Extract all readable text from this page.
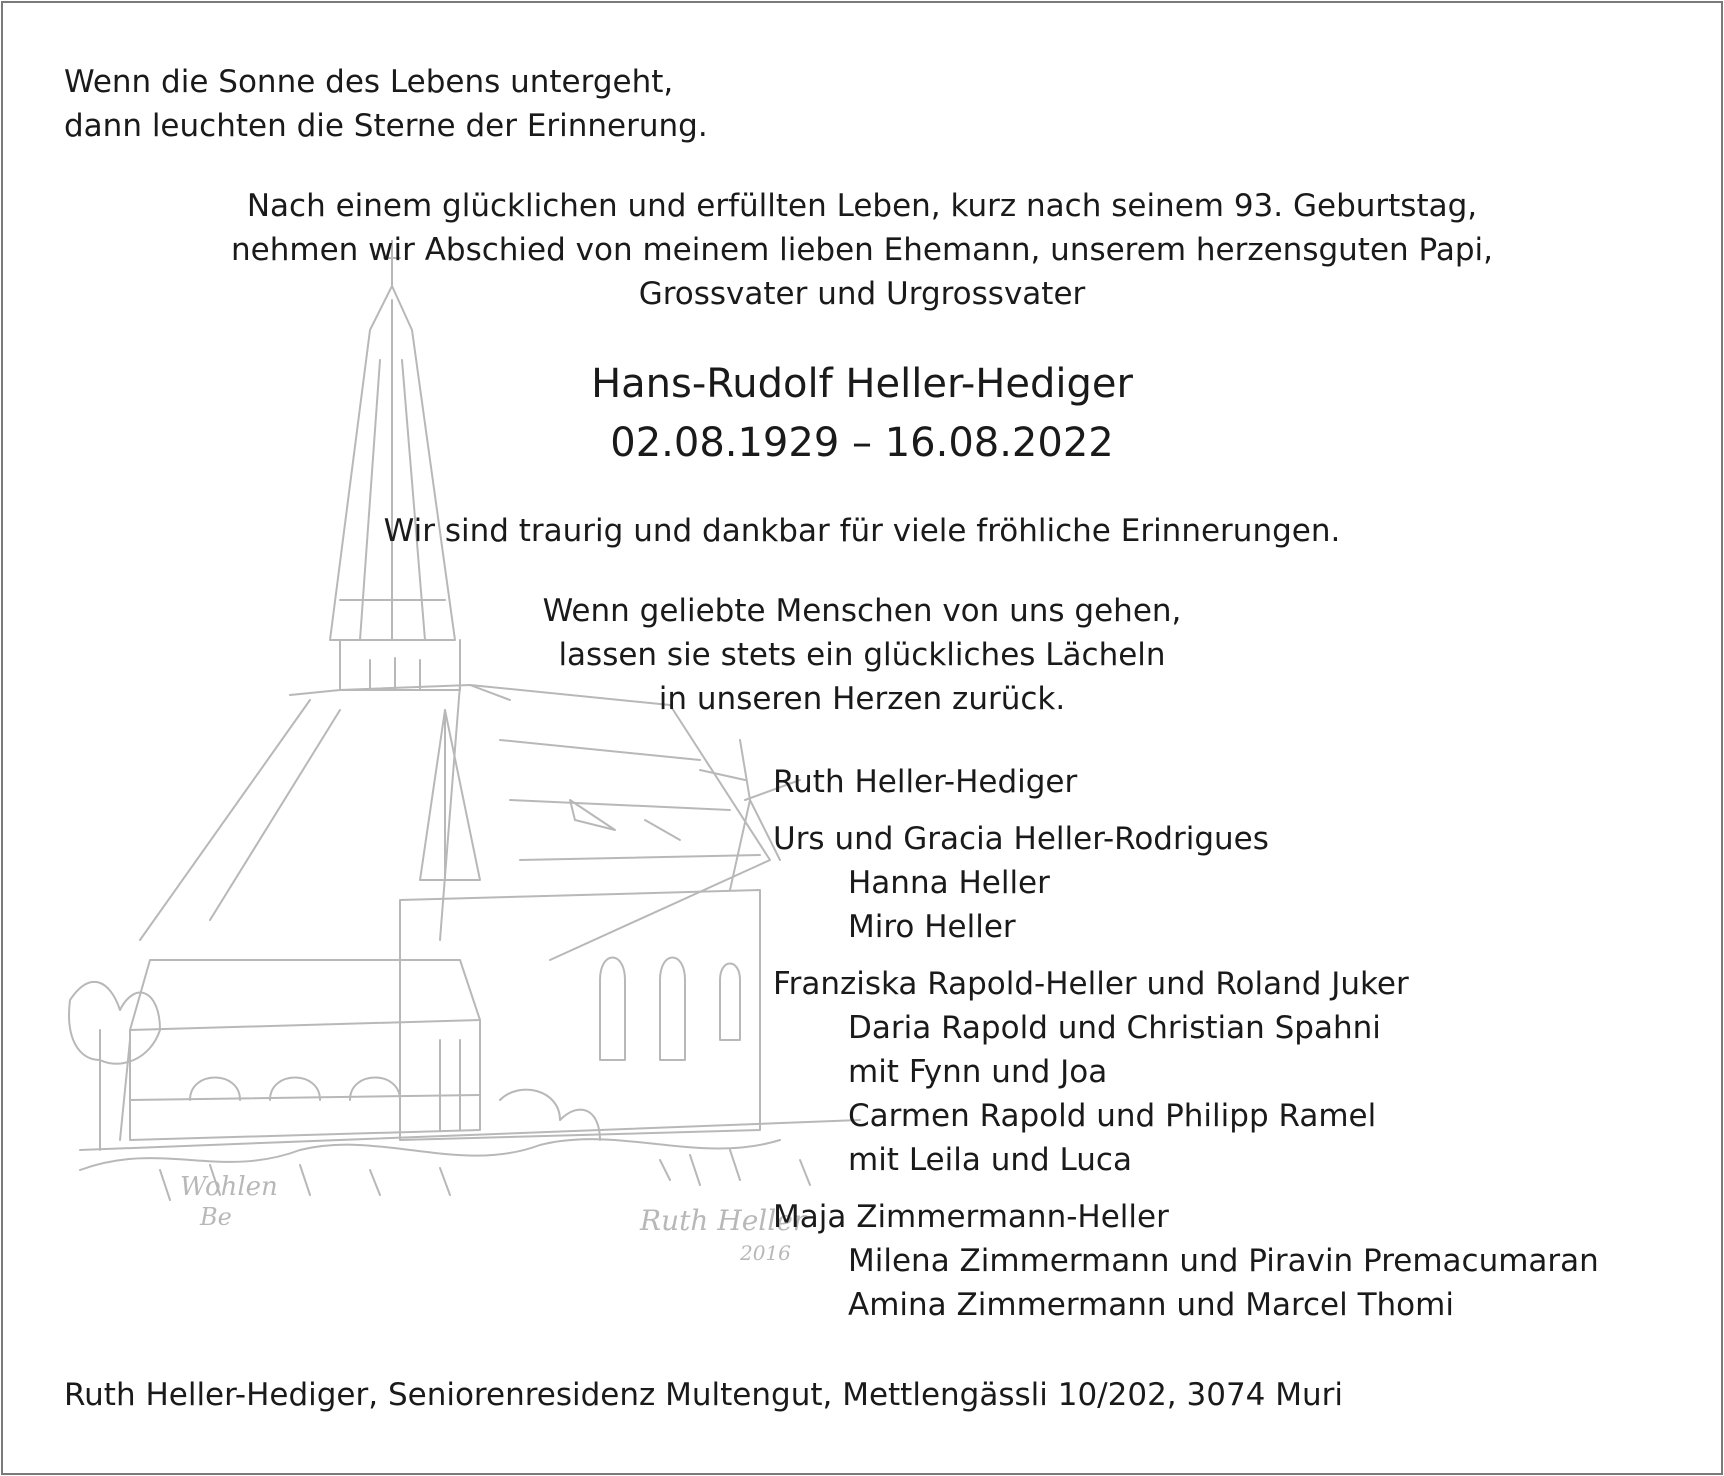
Wohlen
Be	Ruth Heller
2016
Wenn die Sonne des Lebens untergeht,
dann leuchten die Sterne der Erinnerung.
Nach einem glücklichen und erfüllten Leben, kurz nach seinem 93. Geburtstag,
nehmen wir Abschied von meinem lieben Ehemann, unserem herzensguten Papi,
Grossvater und Urgrossvater
Hans-Rudolf Heller-Hediger
02.08.1929 – 16.08.2022
Wir sind traurig und dankbar für viele fröhliche Erinnerungen.
Wenn geliebte Menschen von uns gehen,
lassen sie stets ein glückliches Lächeln
in unseren Herzen zurück.
Ruth Heller-Hediger
Urs und Gracia Heller-Rodrigues
Hanna Heller
Miro Heller
Franziska Rapold-Heller und Roland Juker
Daria Rapold und Christian Spahni
mit Fynn und Joa
Carmen Rapold und Philipp Ramel
mit Leila und Luca
Maja Zimmermann-Heller
Milena Zimmermann und Piravin Premacumaran
Amina Zimmermann und Marcel Thomi
Ruth Heller-Hediger, Seniorenresidenz Multengut, Mettlengässli 10/202, 3074 Muri
